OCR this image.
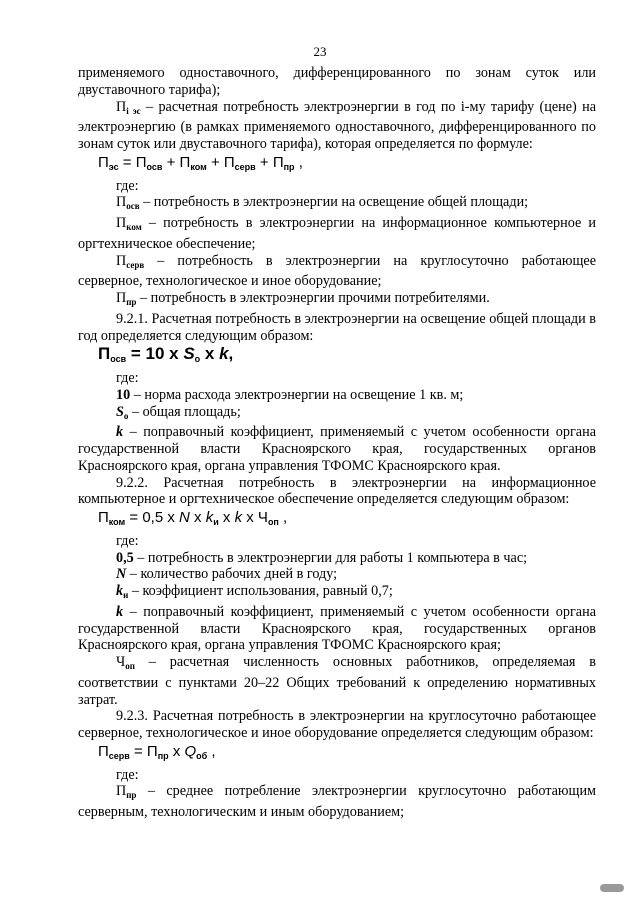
23

применяемого одноставочного, дифференцированного по зонам суток или двуставочного тарифа);

$П_{i эс}$ – расчетная потребность электроэнергии в год по i-му тарифу (цене) на электроэнергию (в рамках применяемого одноставочного, дифференцированного по зонам суток или двуставочного тарифа), которая определяется по формуле:

$П_{эс} = П_{осв} + П_{ком} + П_{серв} + П_{пр}$ ,

где:

$П_{осв}$ – потребность в электроэнергии на освещение общей площади;

$П_{ком}$ – потребность в электроэнергии на информационное компьютерное и оргтехническое обеспечение;

$П_{серв}$ – потребность в электроэнергии на круглосуточно работающее серверное, технологическое и иное оборудование;

$П_{пр}$ – потребность в электроэнергии прочими потребителями.

9.2.1. Расчетная потребность в электроэнергии на освещение общей площади в год определяется следующим образом:

$П_{осв} = 10$ х $S_о$ х k,

где:

10 – норма расхода электроэнергии на освещение 1 кв. м;

$S_о$ – общая площадь;

k – поправочный коэффициент, применяемый с учетом особенности органа государственной власти Красноярского края, государственных органов Красноярского края, органа управления ТФОМС Красноярского края.

9.2.2. Расчетная потребность в электроэнергии на информационное компьютерное и оргтехническое обеспечение определяется следующим образом:

$П_{ком} = 0,5$ х N х $k_и$ х k х $Ч_{оп}$ ,

где:

0,5 – потребность в электроэнергии для работы 1 компьютера в час;

N – количество рабочих дней в году;

$k_и$ – коэффициент использования, равный 0,7;

k – поправочный коэффициент, применяемый с учетом особенности органа государственной власти Красноярского края, государственных органов Красноярского края, органа управления ТФОМС Красноярского края;

$Ч_{оп}$ – расчетная численность основных работников, определяемая в соответствии с пунктами 20–22 Общих требований к определению нормативных затрат.

9.2.3. Расчетная потребность в электроэнергии на круглосуточно работающее серверное, технологическое и иное оборудование определяется следующим образом:

$П_{серв} = П_{пр}$ х $Q_{об}$ ,

где:

$П_{пр}$ – среднее потребление электроэнергии круглосуточно работающим серверным, технологическим и иным оборудованием;
